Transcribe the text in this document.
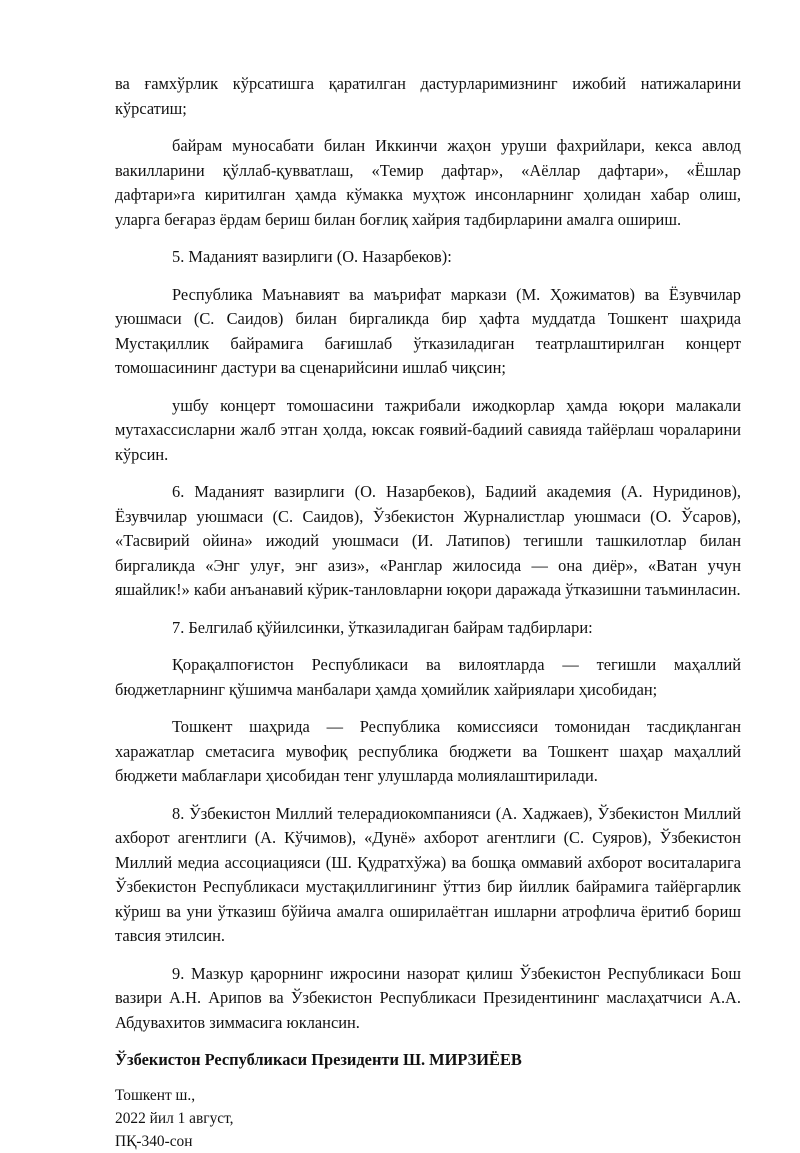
ва ғамхўрлик кўрсатишга қаратилган дастурларимизнинг ижобий натижаларини кўрсатиш;

байрам муносабати билан Иккинчи жаҳон уруши фахрийлари, кекса авлод вакилларини қўллаб-қувватлаш, «Темир дафтар», «Аёллар дафтари», «Ёшлар дафтари»га киритилган ҳамда кўмакка муҳтож инсонларнинг ҳолидан хабар олиш, уларга беғараз ёрдам бериш билан боғлиқ хайрия тадбирларини амалга ошириш.

5. Маданият вазирлиги (О. Назарбеков):

Республика Маънавият ва маърифат маркази (М. Ҳожиматов) ва Ёзувчилар уюшмаси (С. Саидов) билан биргаликда бир ҳафта муддатда Тошкент шаҳрида Мустақиллик байрамига бағишлаб ўтказиладиган театрлаштирилган концерт томошасининг дастури ва сценарийсини ишлаб чиқсин;

ушбу концерт томошасини тажрибали ижодкорлар ҳамда юқори малакали мутахассисларни жалб этган ҳолда, юксак ғоявий-бадиий савияда тайёрлаш чораларини кўрсин.

6. Маданият вазирлиги (О. Назарбеков), Бадиий академия (А. Нуридинов), Ёзувчилар уюшмаси (С. Саидов), Ўзбекистон Журналистлар уюшмаси (О. Ўсаров), «Тасвирий ойина» ижодий уюшмаси (И. Латипов) тегишли ташкилотлар билан биргаликда «Энг улуғ, энг азиз», «Ранглар жилосида — она диёр», «Ватан учун яшайлик!» каби анъанавий кўрик-танловларни юқори даражада ўтказишни таъминласин.

7. Белгилаб қўйилсинки, ўтказиладиган байрам тадбирлари:

Қорақалпоғистон Республикаси ва вилоятларда — тегишли маҳаллий бюджетларнинг қўшимча манбалари ҳамда ҳомийлик хайриялари ҳисобидан;

Тошкент шаҳрида — Республика комиссияси томонидан тасдиқланган харажатлар сметасига мувофиқ республика бюджети ва Тошкент шаҳар маҳаллий бюджети маблағлари ҳисобидан тенг улушларда молиялаштирилади.

8. Ўзбекистон Миллий телерадиокомпанияси (А. Хаджаев), Ўзбекистон Миллий ахборот агентлиги (А. Кўчимов), «Дунё» ахборот агентлиги (С. Суяров), Ўзбекистон Миллий медиа ассоциацияси (Ш. Қудратхўжа) ва бошқа оммавий ахборот воситаларига Ўзбекистон Республикаси мустақиллигининг ўттиз бир йиллик байрамига тайёргарлик кўриш ва уни ўтказиш бўйича амалга оширилаётган ишларни атрофлича ёритиб бориш тавсия этилсин.

9. Мазкур қарорнинг ижросини назорат қилиш Ўзбекистон Республикаси Бош вазири А.Н. Арипов ва Ўзбекистон Республикаси Президентининг маслаҳатчиси А.А. Абдувахитов зиммасига юклансин.

Ўзбекистон Республикаси Президенти Ш. МИРЗИЁЕВ
Тошкент ш.,
2022 йил 1 август,
ПҚ-340-сон
